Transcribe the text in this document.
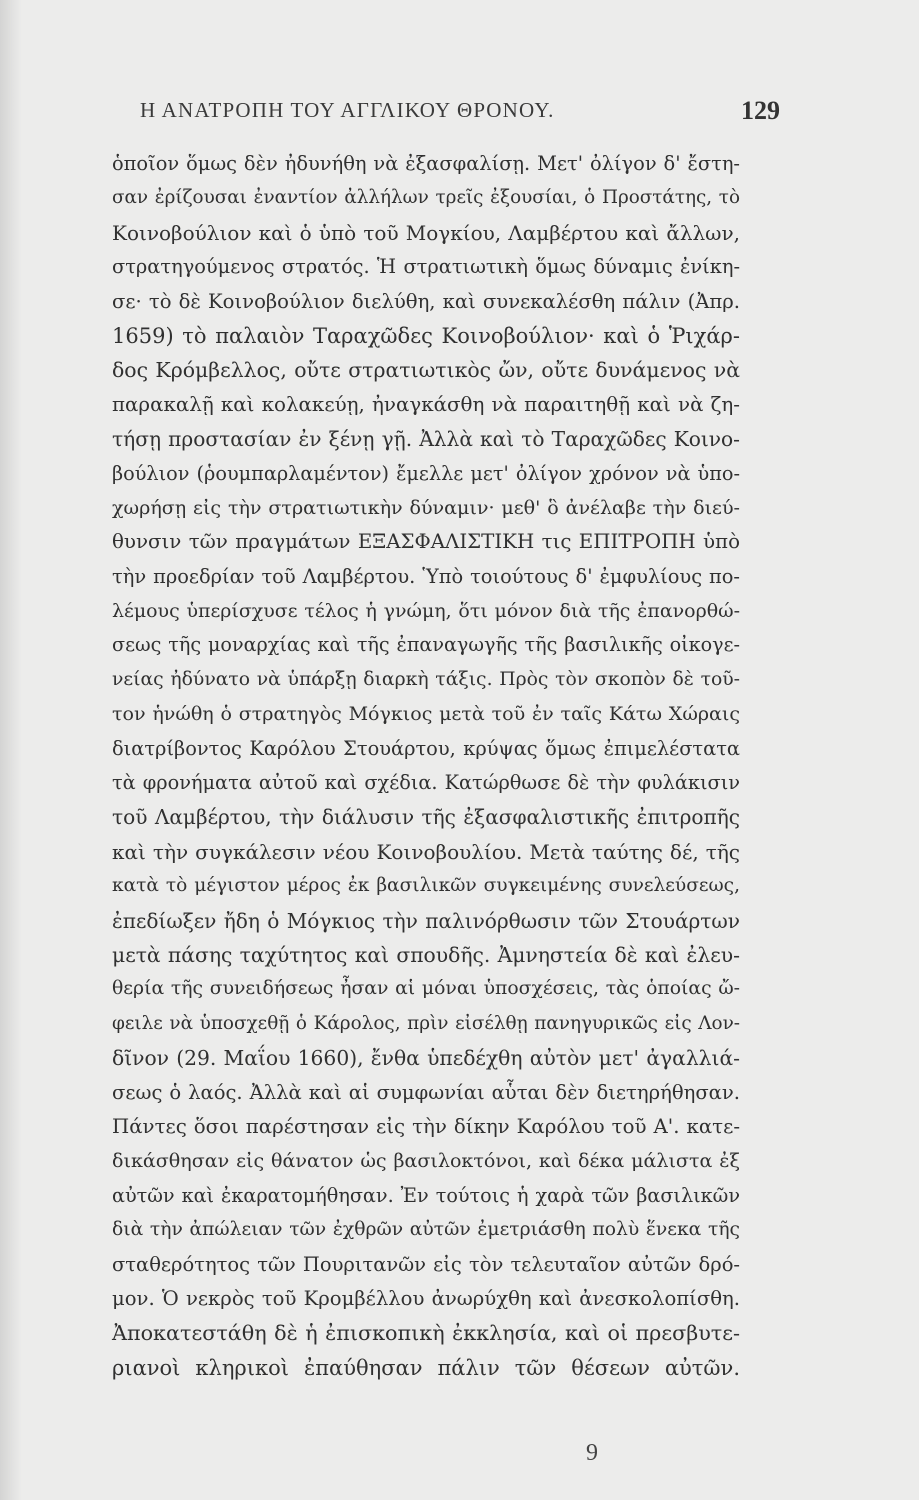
Η ΑΝΑΤΡΟΠΗ ΤΟΥ ΑΓΓΛΙΚΟΥ ΘΡΟΝΟΥ.	129
ὁποῖον ὅμως δὲν ἠδυνήθη νὰ ἐξασφαλίσῃ. Μετ' ὀλίγον δ' ἔστη-
σαν ἐρίζουσαι ἐναντίον ἀλλήλων τρεῖς ἐξουσίαι, ὁ Προστάτης, τὸ
Κοινοβούλιον καὶ ὁ ὑπὸ τοῦ Μογκίου, Λαμβέρτου καὶ ἄλλων,
στρατηγούμενος στρατός. Ἡ στρατιωτικὴ ὅμως δύναμις ἐνίκη-
σε· τὸ δὲ Κοινοβούλιον διελύθη, καὶ συνεκαλέσθη πάλιν (Ἀπρ.
1659) τὸ παλαιὸν Ταραχῶδες Κοινοβούλιον· καὶ ὁ Ῥιχάρ-
δος Κρόμβελλος, οὔτε στρατιωτικὸς ὤν, οὔτε δυνάμενος νὰ
παρακαλῇ καὶ κολακεύῃ, ἠναγκάσθη νὰ παραιτηθῇ καὶ νὰ ζη-
τήσῃ προστασίαν ἐν ξένῃ γῇ. Ἀλλὰ καὶ τὸ Ταραχῶδες Κοινο-
βούλιον (ῥουμπαρλαμέντον) ἔμελλε μετ' ὀλίγον χρόνον νὰ ὑπο-
χωρήσῃ εἰς τὴν στρατιωτικὴν δύναμιν· μεθ' ὃ ἀνέλαβε τὴν διεύ-
θυνσιν τῶν πραγμάτων ΕΞΑΣΦΑΛΙΣΤΙΚΗ τις ΕΠΙΤΡΟΠΗ ὑπὸ
τὴν προεδρίαν τοῦ Λαμβέρτου. Ὑπὸ τοιούτους δ' ἐμφυλίους πο-
λέμους ὑπερίσχυσε τέλος ἡ γνώμη, ὅτι μόνον διὰ τῆς ἐπανορθώ-
σεως τῆς μοναρχίας καὶ τῆς ἐπαναγωγῆς τῆς βασιλικῆς οἰκογε-
νείας ἠδύνατο νὰ ὑπάρξῃ διαρκὴ τάξις. Πρὸς τὸν σκοπὸν δὲ τοῦ-
τον ἡνώθη ὁ στρατηγὸς Μόγκιος μετὰ τοῦ ἐν ταῖς Κάτω Χώραις
διατρίβοντος Καρόλου Στουάρτου, κρύψας ὅμως ἐπιμελέστατα
τὰ φρονήματα αὐτοῦ καὶ σχέδια. Κατώρθωσε δὲ τὴν φυλάκισιν
τοῦ Λαμβέρτου, τὴν διάλυσιν τῆς ἐξασφαλιστικῆς ἐπιτροπῆς
καὶ τὴν συγκάλεσιν νέου Κοινοβουλίου. Μετὰ ταύτης δέ, τῆς
κατὰ τὸ μέγιστον μέρος ἐκ βασιλικῶν συγκειμένης συνελεύσεως,
ἐπεδίωξεν ἤδη ὁ Μόγκιος τὴν παλινόρθωσιν τῶν Στουάρτων
μετὰ πάσης ταχύτητος καὶ σπουδῆς. Ἀμνηστεία δὲ καὶ ἐλευ-
θερία τῆς συνειδήσεως ἦσαν αἱ μόναι ὑποσχέσεις, τὰς ὁποίας ὤ-
φειλε νὰ ὑποσχεθῇ ὁ Κάρολος, πρὶν εἰσέλθῃ πανηγυρικῶς εἰς Λον-
δῖνον (29. Μαΐου 1660), ἔνθα ὑπεδέχθη αὐτὸν μετ' ἀγαλλιά-
σεως ὁ λαός. Ἀλλὰ καὶ αἱ συμφωνίαι αὗται δὲν διετηρήθησαν.
Πάντες ὅσοι παρέστησαν εἰς τὴν δίκην Καρόλου τοῦ Α'. κατε-
δικάσθησαν εἰς θάνατον ὡς βασιλοκτόνοι, καὶ δέκα μάλιστα ἐξ
αὐτῶν καὶ ἐκαρατομήθησαν. Ἐν τούτοις ἡ χαρὰ τῶν βασιλικῶν
διὰ τὴν ἀπώλειαν τῶν ἐχθρῶν αὐτῶν ἐμετριάσθη πολὺ ἕνεκα τῆς
σταθερότητος τῶν Πουριτανῶν εἰς τὸν τελευταῖον αὐτῶν δρό-
μον. Ὁ νεκρὸς τοῦ Κρομβέλλου ἀνωρύχθη καὶ ἀνεσκολοπίσθη.
Ἀποκατεστάθη δὲ ἡ ἐπισκοπικὴ ἐκκλησία, καὶ οἱ πρεσβυτε-
ριανοὶ κληρικοὶ ἐπαύθησαν πάλιν τῶν θέσεων αὐτῶν.
9
